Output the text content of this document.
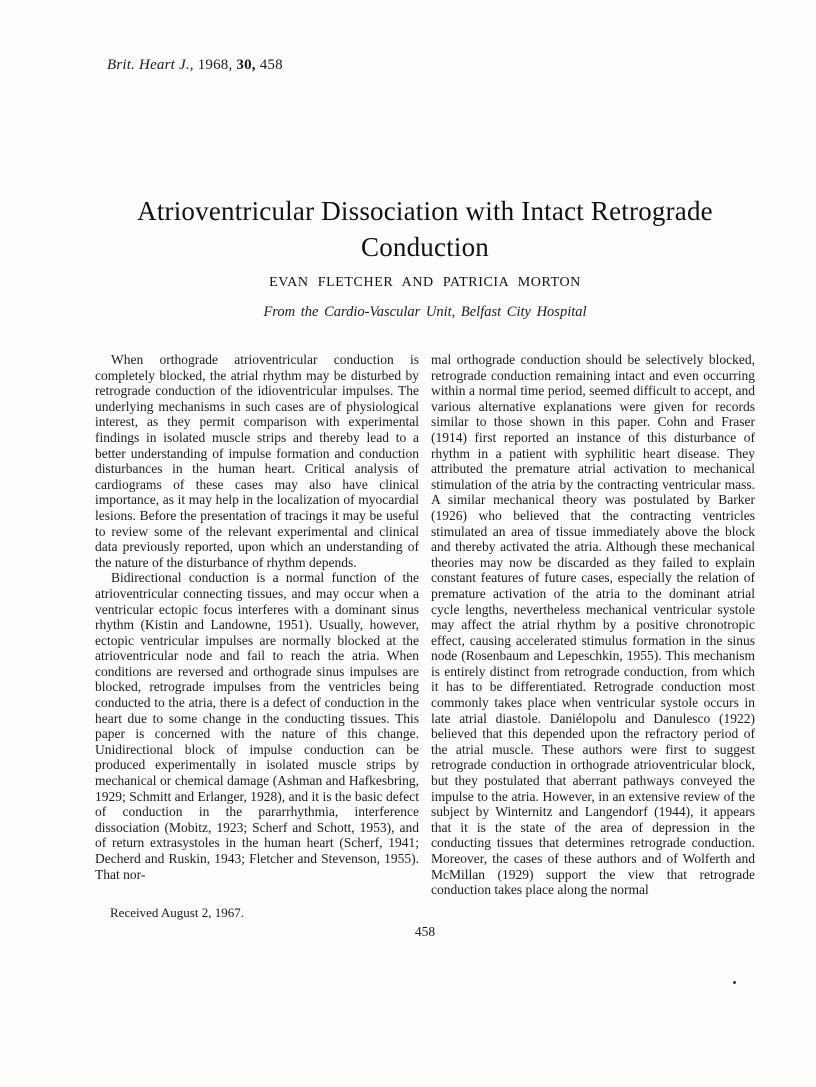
Brit. Heart J., 1968, 30, 458
Atrioventricular Dissociation with Intact Retrograde
Conduction
EVAN FLETCHER AND PATRICIA MORTON
From the Cardio-Vascular Unit, Belfast City Hospital

When orthograde atrioventricular conduction is completely blocked, the atrial rhythm may be disturbed by retrograde conduction of the idioventricular impulses. The underlying mechanisms in such cases are of physiological interest, as they permit comparison with experimental findings in isolated muscle strips and thereby lead to a better understanding of impulse formation and conduction disturbances in the human heart. Critical analysis of cardiograms of these cases may also have clinical importance, as it may help in the localization of myocardial lesions. Before the presentation of tracings it may be useful to review some of the relevant experimental and clinical data previously reported, upon which an understanding of the nature of the disturbance of rhythm depends.

Bidirectional conduction is a normal function of the atrioventricular connecting tissues, and may occur when a ventricular ectopic focus interferes with a dominant sinus rhythm (Kistin and Landowne, 1951). Usually, however, ectopic ventricular impulses are normally blocked at the atrioventricular node and fail to reach the atria. When conditions are reversed and orthograde sinus impulses are blocked, retrograde impulses from the ventricles being conducted to the atria, there is a defect of conduction in the heart due to some change in the conducting tissues. This paper is concerned with the nature of this change. Unidirectional block of impulse conduction can be produced experimentally in isolated muscle strips by mechanical or chemical damage (Ashman and Hafkesbring, 1929; Schmitt and Erlanger, 1928), and it is the basic defect of conduction in the pararrhythmia, interference dissociation (Mobitz, 1923; Scherf and Schott, 1953), and of return extrasystoles in the human heart (Scherf, 1941; Decherd and Ruskin, 1943; Fletcher and Stevenson, 1955). That nor-

Received August 2, 1967.

mal orthograde conduction should be selectively blocked, retrograde conduction remaining intact and even occurring within a normal time period, seemed difficult to accept, and various alternative explanations were given for records similar to those shown in this paper. Cohn and Fraser (1914) first reported an instance of this disturbance of rhythm in a patient with syphilitic heart disease. They attributed the premature atrial activation to mechanical stimulation of the atria by the contracting ventricular mass. A similar mechanical theory was postulated by Barker (1926) who believed that the contracting ventricles stimulated an area of tissue immediately above the block and thereby activated the atria. Although these mechanical theories may now be discarded as they failed to explain constant features of future cases, especially the relation of premature activation of the atria to the dominant atrial cycle lengths, nevertheless mechanical ventricular systole may affect the atrial rhythm by a positive chronotropic effect, causing accelerated stimulus formation in the sinus node (Rosenbaum and Lepeschkin, 1955). This mechanism is entirely distinct from retrograde conduction, from which it has to be differentiated. Retrograde conduction most commonly takes place when ventricular systole occurs in late atrial diastole. Daniélopolu and Danulesco (1922) believed that this depended upon the refractory period of the atrial muscle. These authors were first to suggest retrograde conduction in orthograde atrioventricular block, but they postulated that aberrant pathways conveyed the impulse to the atria. However, in an extensive review of the subject by Winternitz and Langendorf (1944), it appears that it is the state of the area of depression in the conducting tissues that determines retrograde conduction. Moreover, the cases of these authors and of Wolferth and McMillan (1929) support the view that retrograde conduction takes place along the normal

458
